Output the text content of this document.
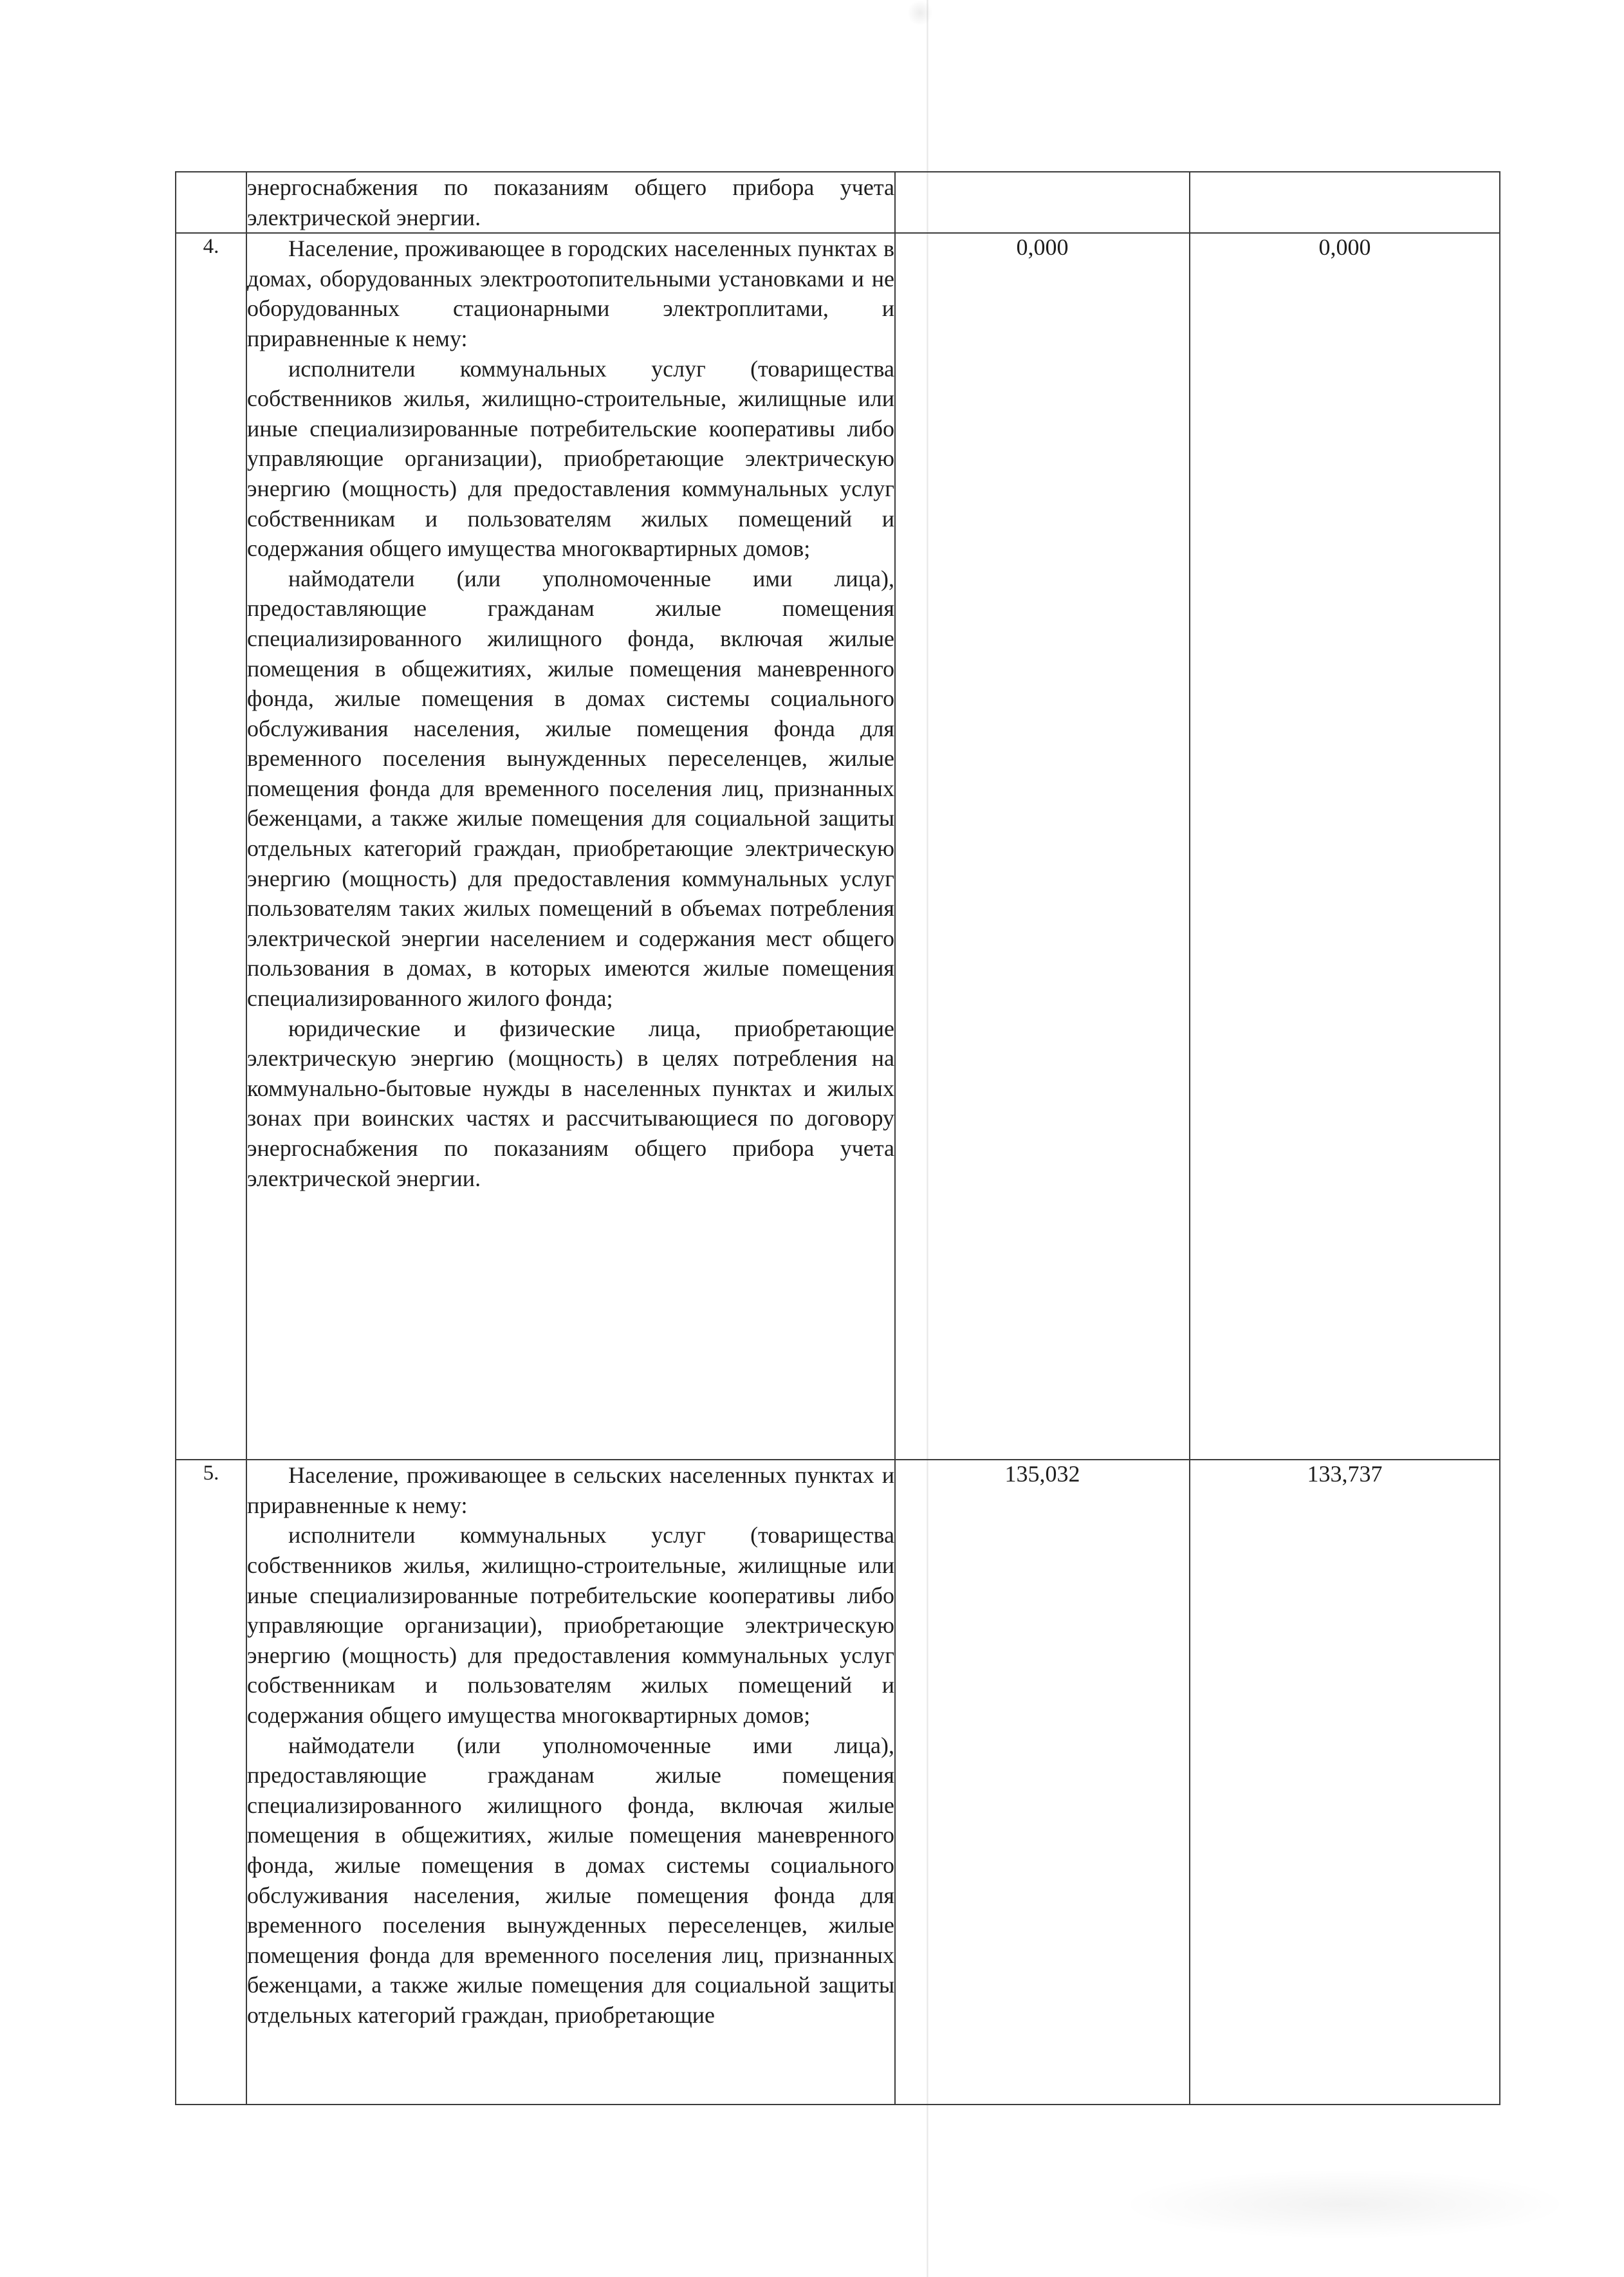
	энергоснабжения по показаниям общего прибора учета электрической энергии.		

4.	Население, проживающее в городских населенных пунктах в домах, оборудованных электроотопительными установками и не оборудованных стационарными электроплитами, и приравненные к нему:

исполнители коммунальных услуг (товарищества собственников жилья, жилищно-строительные, жилищные или иные специализированные потребительские кооперативы либо управляющие организации), приобретающие электрическую энергию (мощность) для предоставления коммунальных услуг собственникам и пользователям жилых помещений и содержания общего имущества многоквартирных домов;

наймодатели (или уполномоченные ими лица), предоставляющие гражданам жилые помещения специализированного жилищного фонда, включая жилые помещения в общежитиях, жилые помещения маневренного фонда, жилые помещения в домах системы социального обслуживания населения, жилые помещения фонда для временного поселения вынужденных переселенцев, жилые помещения фонда для временного поселения лиц, признанных беженцами, а также жилые помещения для социальной защиты отдельных категорий граждан, приобретающие электрическую энергию (мощность) для предоставления коммунальных услуг пользователям таких жилых помещений в объемах потребления электрической энергии населением и содержания мест общего пользования в домах, в которых имеются жилые помещения специализированного жилого фонда;

юридические и физические лица, приобретающие электрическую энергию (мощность) в целях потребления на коммунально-бытовые нужды в населенных пунктах и жилых зонах при воинских частях и рассчитывающиеся по договору энергоснабжения по показаниям общего прибора учета электрической энергии.	0,000	0,000
5.	Население, проживающее в сельских населенных пунктах и приравненные к нему:

исполнители коммунальных услуг (товарищества собственников жилья, жилищно-строительные, жилищные или иные специализированные потребительские кооперативы либо управляющие организации), приобретающие электрическую энергию (мощность) для предоставления коммунальных услуг собственникам и пользователям жилых помещений и содержания общего имущества многоквартирных домов;

наймодатели (или уполномоченные ими лица), предоставляющие гражданам жилые помещения специализированного жилищного фонда, включая жилые помещения в общежитиях, жилые помещения маневренного фонда, жилые помещения в домах системы социального обслуживания населения, жилые помещения фонда для временного поселения вынужденных переселенцев, жилые помещения фонда для временного поселения лиц, признанных беженцами, а также жилые помещения для социальной защиты отдельных категорий граждан, приобретающие	135,032	133,737
